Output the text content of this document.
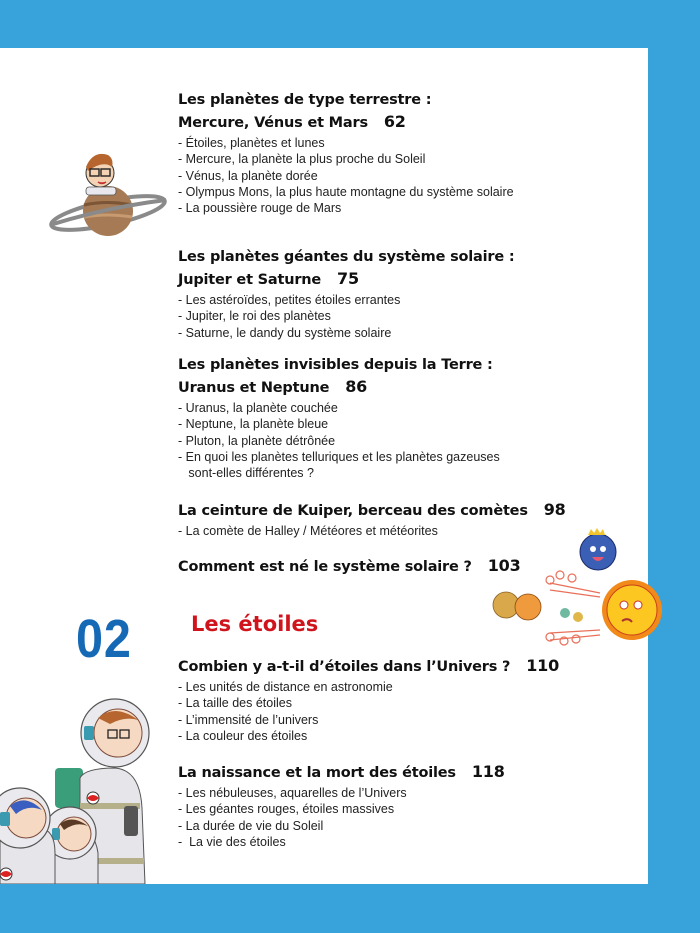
Les planètes de type terrestre :
Mercure, Vénus et Mars 62
- Étoiles, planètes et lunes
- Mercure, la planète la plus proche du Soleil
- Vénus, la planète dorée
- Olympus Mons, la plus haute montagne du système solaire
- La poussière rouge de Mars
Les planètes géantes du système solaire :
Jupiter et Saturne 75
- Les astéroïdes, petites étoiles errantes
- Jupiter, le roi des planètes
- Saturne, le dandy du système solaire
Les planètes invisibles depuis la Terre :
Uranus et Neptune 86
- Uranus, la planète couchée
- Neptune, la planète bleue
- Pluton, la planète détrônée
- En quoi les planètes telluriques et les planètes gazeuses
sont-elles différentes ?
La ceinture de Kuiper, berceau des comètes 98
- La comète de Halley / Météores et météorites
Comment est né le système solaire ? 103
02	Les étoiles
Combien y a-t-il d’étoiles dans l’Univers ? 110
- Les unités de distance en astronomie
- La taille des étoiles
- L’immensité de l’univers
- La couleur des étoiles
La naissance et la mort des étoiles 118
- Les nébuleuses, aquarelles de l’Univers
- Les géantes rouges, étoiles massives
- La durée de vie du Soleil
-  La vie des étoiles
